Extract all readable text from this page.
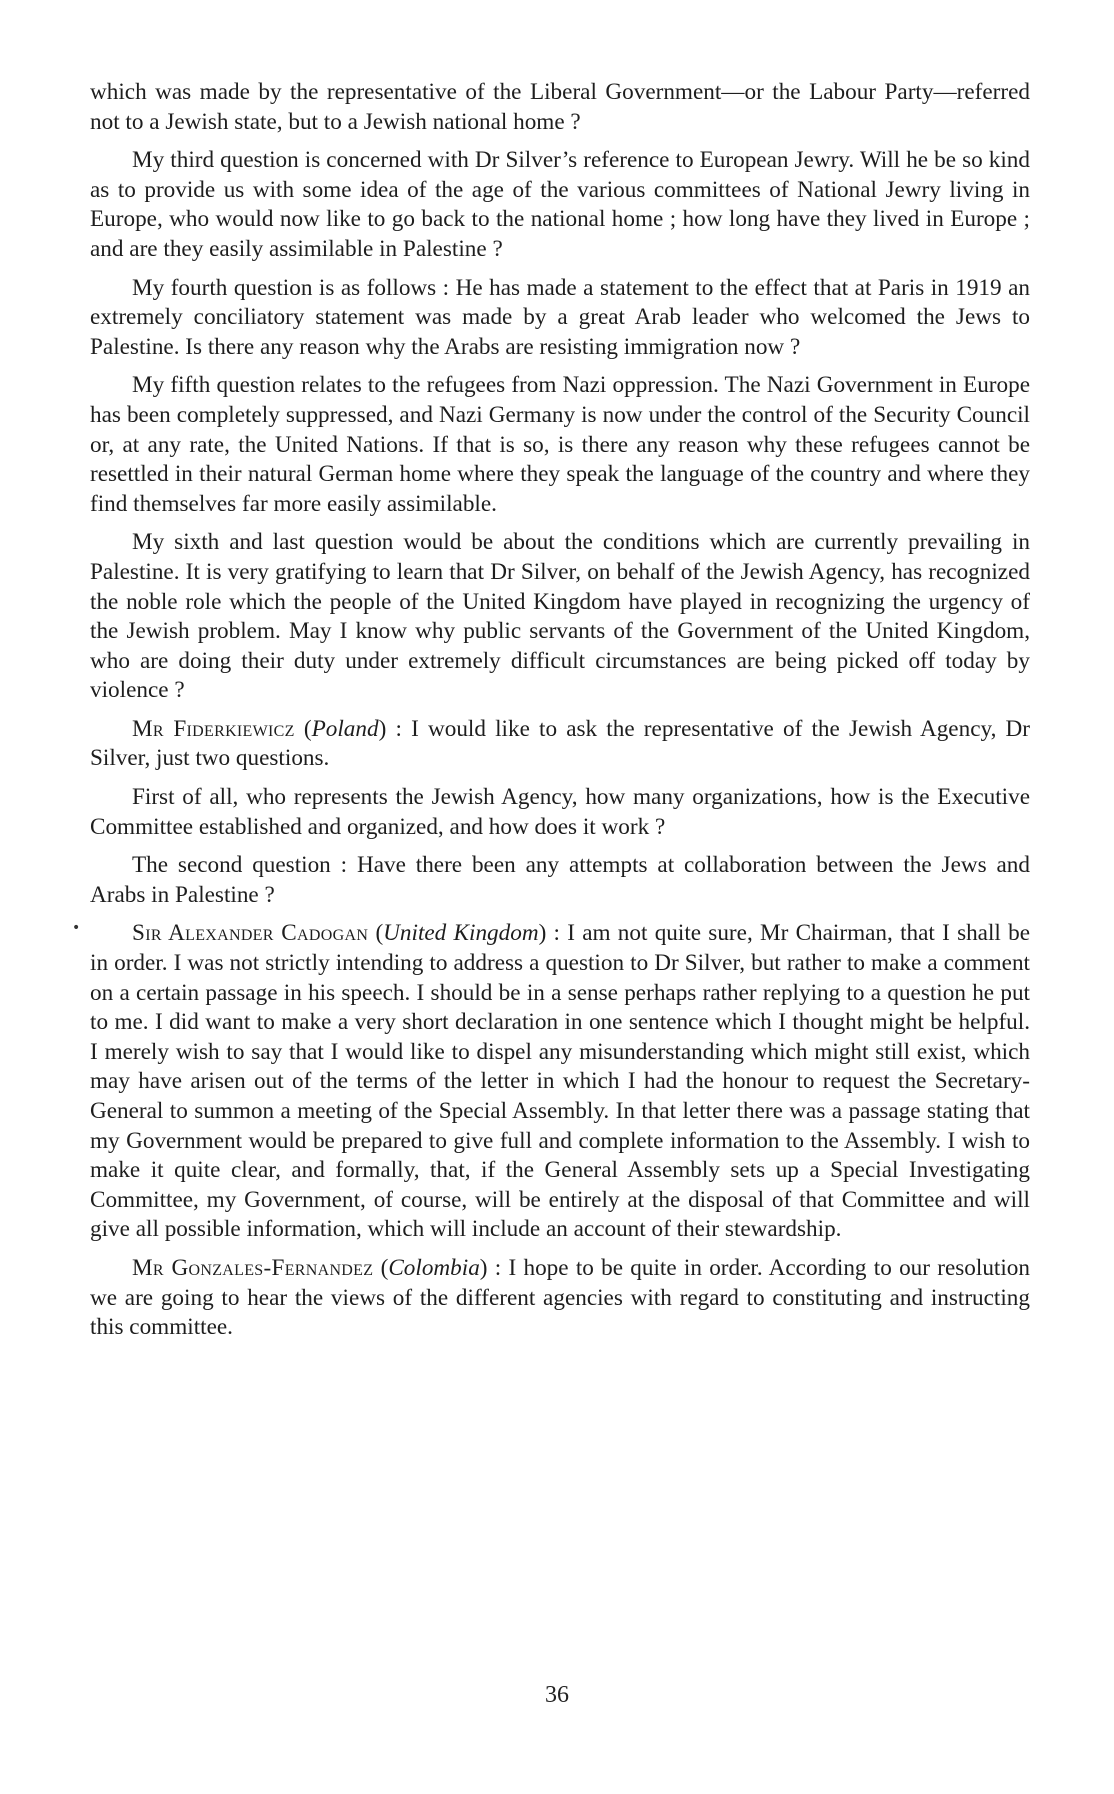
which was made by the representative of the Liberal Government—or the Labour Party—referred not to a Jewish state, but to a Jewish national home ?

My third question is concerned with Dr Silver’s reference to European Jewry. Will he be so kind as to provide us with some idea of the age of the various committees of National Jewry living in Europe, who would now like to go back to the national home ; how long have they lived in Europe ; and are they easily assimilable in Palestine ?

My fourth question is as follows : He has made a statement to the effect that at Paris in 1919 an extremely conciliatory statement was made by a great Arab leader who welcomed the Jews to Palestine. Is there any reason why the Arabs are resisting immigration now ?

My fifth question relates to the refugees from Nazi oppression. The Nazi Government in Europe has been completely suppressed, and Nazi Germany is now under the control of the Security Council or, at any rate, the United Nations. If that is so, is there any reason why these refugees cannot be resettled in their natural German home where they speak the language of the country and where they find themselves far more easily assimilable.

My sixth and last question would be about the conditions which are currently prevailing in Palestine. It is very gratifying to learn that Dr Silver, on behalf of the Jewish Agency, has recognized the noble role which the people of the United Kingdom have played in recognizing the urgency of the Jewish problem. May I know why public servants of the Government of the United Kingdom, who are doing their duty under extremely difficult circumstances are being picked off today by violence ?

Mr Fiderkiewicz (Poland) : I would like to ask the representative of the Jewish Agency, Dr Silver, just two questions.

First of all, who represents the Jewish Agency, how many organizations, how is the Executive Committee established and organized, and how does it work ?

The second question : Have there been any attempts at collaboration between the Jews and Arabs in Palestine ?

Sir Alexander Cadogan (United Kingdom) : I am not quite sure, Mr Chairman, that I shall be in order. I was not strictly intending to address a question to Dr Silver, but rather to make a comment on a certain passage in his speech. I should be in a sense perhaps rather replying to a question he put to me. I did want to make a very short declaration in one sentence which I thought might be helpful. I merely wish to say that I would like to dispel any misunderstanding which might still exist, which may have arisen out of the terms of the letter in which I had the honour to request the Secretary-General to summon a meeting of the Special Assembly. In that letter there was a passage stating that my Government would be prepared to give full and complete information to the Assembly. I wish to make it quite clear, and formally, that, if the General Assembly sets up a Special Investigating Committee, my Government, of course, will be entirely at the disposal of that Committee and will give all possible information, which will include an account of their stewardship.

Mr Gonzales-Fernandez (Colombia) : I hope to be quite in order. According to our resolution we are going to hear the views of the different agencies with regard to constituting and instructing this committee.

•
36
